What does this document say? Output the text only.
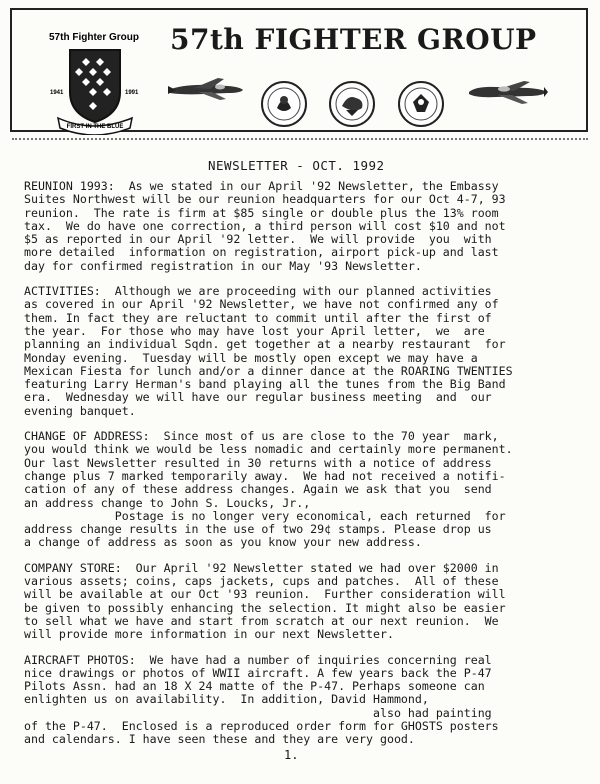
57th Fighter Group
1941	1991
FIRST IN THE BLUE
57th FIGHTER GROUP
NEWSLETTER - OCT. 1992
REUNION 1993:  As we stated in our April '92 Newsletter, the Embassy
Suites Northwest will be our reunion headquarters for our Oct 4-7, 93
reunion.  The rate is firm at $85 single or double plus the 13% room
tax.  We do have one correction, a third person will cost $10 and not
$5 as reported in our April '92 letter.  We will provide  you  with
more detailed  information on registration, airport pick-up and last
day for confirmed registration in our May '93 Newsletter.
ACTIVITIES:  Although we are proceeding with our planned activities
as covered in our April '92 Newsletter, we have not confirmed any of
them. In fact they are reluctant to commit until after the first of
the year.  For those who may have lost your April letter,  we  are
planning an individual Sqdn. get together at a nearby restaurant  for
Monday evening.  Tuesday will be mostly open except we may have a
Mexican Fiesta for lunch and/or a dinner dance at the ROARING TWENTIES
featuring Larry Herman's band playing all the tunes from the Big Band
era.  Wednesday we will have our regular business meeting  and  our
evening banquet.
CHANGE OF ADDRESS:  Since most of us are close to the 70 year  mark,
you would think we would be less nomadic and certainly more permanent.
Our last Newsletter resulted in 30 returns with a notice of address
change plus 7 marked temporarily away.  We had not received a notifi-
cation of any of these address changes. Again we ask that you  send
an address change to John S. Loucks, Jr.,
Postage is no longer very economical, each returned  for
address change results in the use of two 29¢ stamps. Please drop us
a change of address as soon as you know your new address.
COMPANY STORE:  Our April '92 Newsletter stated we had over $2000 in
various assets; coins, caps jackets, cups and patches.  All of these
will be available at our Oct '93 reunion.  Further consideration will
be given to possibly enhancing the selection. It might also be easier
to sell what we have and start from scratch at our next reunion.  We
will provide more information in our next Newsletter.
AIRCRAFT PHOTOS:  We have had a number of inquiries concerning real
nice drawings or photos of WWII aircraft. A few years back the P-47
Pilots Assn. had an 18 X 24 matte of the P-47. Perhaps someone can
enlighten us on availability.  In addition, David Hammond,
also had painting
of the P-47.  Enclosed is a reproduced order form for GHOSTS posters
and calendars. I have seen these and they are very good.
1.
